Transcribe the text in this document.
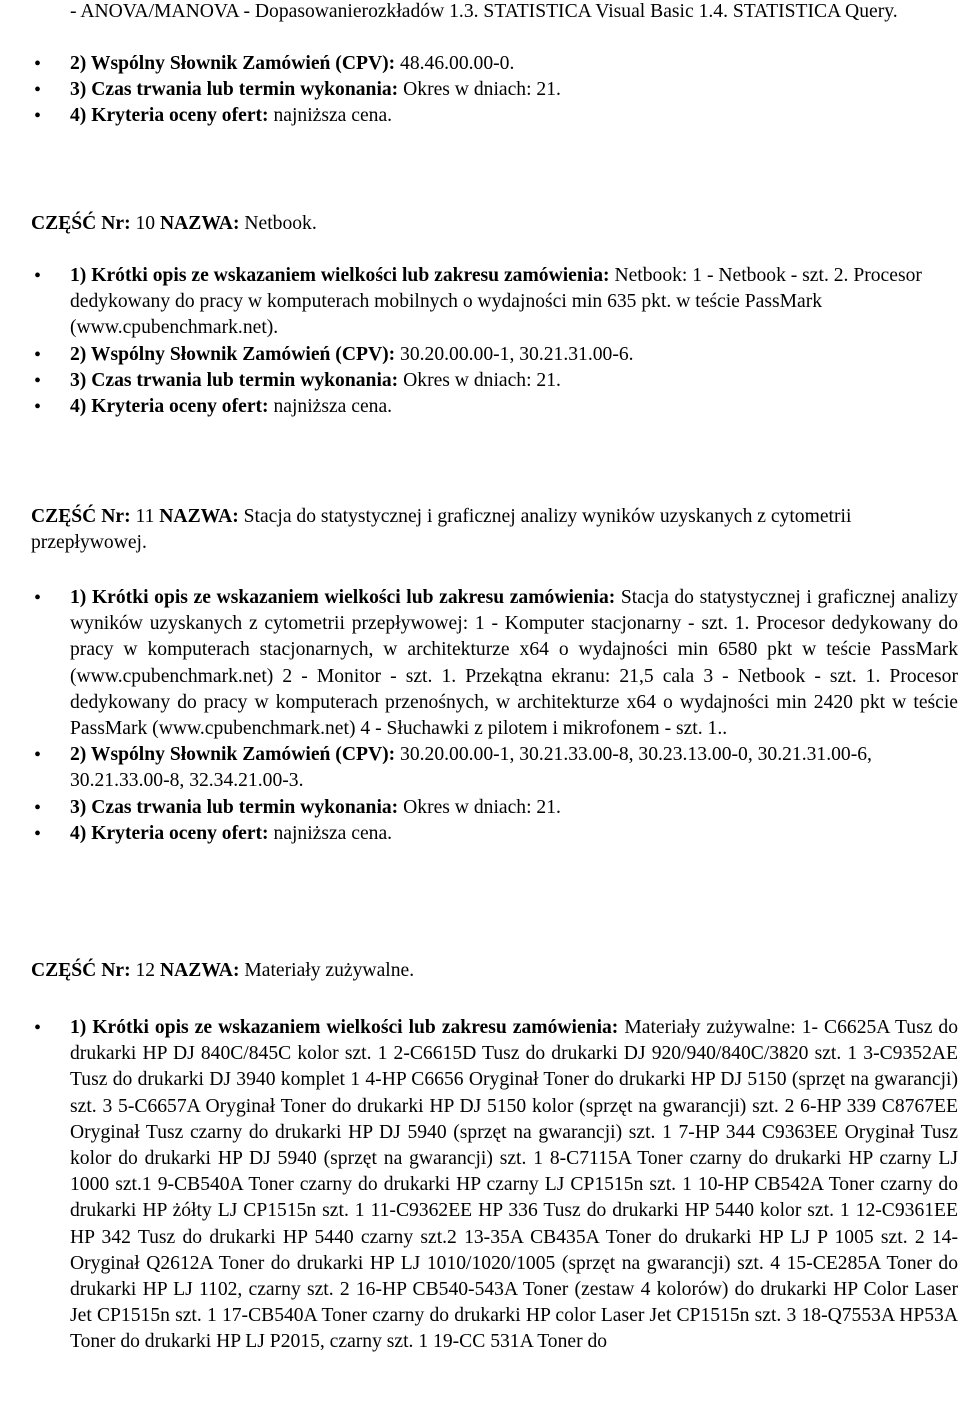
- ANOVA/MANOVA - Dopasowanierozkładów 1.3. STATISTICA Visual Basic 1.4. STATISTICA Query.

• 2) Wspólny Słownik Zamówień (CPV): 48.46.00.00-0.
• 3) Czas trwania lub termin wykonania: Okres w dniach: 21.
• 4) Kryteria oceny ofert: najniższa cena.

CZĘŚĆ Nr: 10 NAZWA: Netbook.

• 1) Krótki opis ze wskazaniem wielkości lub zakresu zamówienia: Netbook: 1 - Netbook - szt. 2. Procesor dedykowany do pracy w komputerach mobilnych o wydajności min 635 pkt. w teście PassMark (www.cpubenchmark.net).
• 2) Wspólny Słownik Zamówień (CPV): 30.20.00.00-1, 30.21.31.00-6.
• 3) Czas trwania lub termin wykonania: Okres w dniach: 21.
• 4) Kryteria oceny ofert: najniższa cena.

CZĘŚĆ Nr: 11 NAZWA: Stacja do statystycznej i graficznej analizy wyników uzyskanych z cytometrii przepływowej.

• 1) Krótki opis ze wskazaniem wielkości lub zakresu zamówienia: Stacja do statystycznej i graficznej analizy wyników uzyskanych z cytometrii przepływowej: 1 - Komputer stacjonarny - szt. 1. Procesor dedykowany do pracy w komputerach stacjonarnych, w architekturze x64 o wydajności min 6580 pkt w teście PassMark (www.cpubenchmark.net) 2 - Monitor - szt. 1. Przekątna ekranu: 21,5 cala 3 - Netbook - szt. 1. Procesor dedykowany do pracy w komputerach przenośnych, w architekturze x64 o wydajności min 2420 pkt w teście PassMark (www.cpubenchmark.net) 4 - Słuchawki z pilotem i mikrofonem - szt. 1..
• 2) Wspólny Słownik Zamówień (CPV): 30.20.00.00-1, 30.21.33.00-8, 30.23.13.00-0, 30.21.31.00-6, 30.21.33.00-8, 32.34.21.00-3.
• 3) Czas trwania lub termin wykonania: Okres w dniach: 21.
• 4) Kryteria oceny ofert: najniższa cena.

CZĘŚĆ Nr: 12 NAZWA: Materiały zużywalne.

• 1) Krótki opis ze wskazaniem wielkości lub zakresu zamówienia: Materiały zużywalne: 1- C6625A Tusz do drukarki HP DJ 840C/845C kolor szt. 1 2-C6615D Tusz do drukarki DJ 920/940/840C/3820 szt. 1 3-C9352AE Tusz do drukarki DJ 3940 komplet 1 4-HP C6656 Oryginał Toner do drukarki HP DJ 5150 (sprzęt na gwarancji) szt. 3 5-C6657A Oryginał Toner do drukarki HP DJ 5150 kolor (sprzęt na gwarancji) szt. 2 6-HP 339 C8767EE Oryginał Tusz czarny do drukarki HP DJ 5940 (sprzęt na gwarancji) szt. 1 7-HP 344 C9363EE Oryginał Tusz kolor do drukarki HP DJ 5940 (sprzęt na gwarancji) szt. 1 8-C7115A Toner czarny do drukarki HP czarny LJ 1000 szt.1 9-CB540A Toner czarny do drukarki HP czarny LJ CP1515n szt. 1 10-HP CB542A Toner czarny do drukarki HP żółty LJ CP1515n szt. 1 11-C9362EE HP 336 Tusz do drukarki HP 5440 kolor szt. 1 12-C9361EE HP 342 Tusz do drukarki HP 5440 czarny szt.2 13-35A CB435A Toner do drukarki HP LJ P 1005 szt. 2 14-Oryginał Q2612A Toner do drukarki HP LJ 1010/1020/1005 (sprzęt na gwarancji) szt. 4 15-CE285A Toner do drukarki HP LJ 1102, czarny szt. 2 16-HP CB540-543A Toner (zestaw 4 kolorów) do drukarki HP Color Laser Jet CP1515n szt. 1 17-CB540A Toner czarny do drukarki HP color Laser Jet CP1515n szt. 3 18-Q7553A HP53A Toner do drukarki HP LJ P2015, czarny szt. 1 19-CC 531A Toner do
